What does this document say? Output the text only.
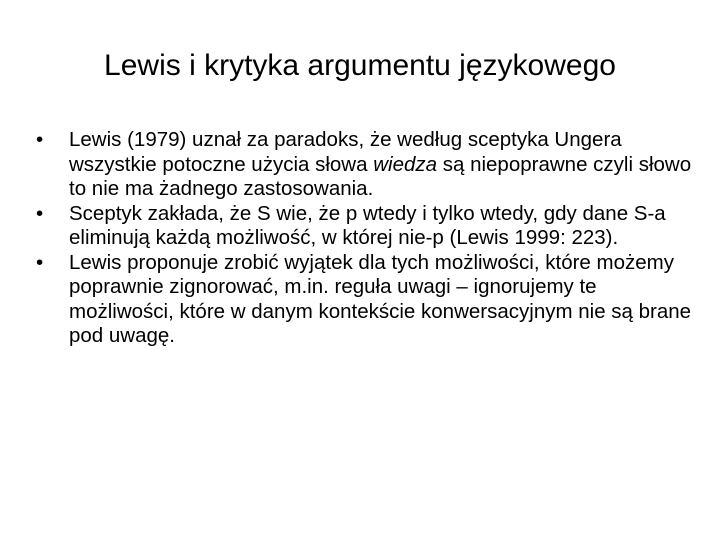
Lewis i krytyka argumentu językowego
•	Lewis (1979) uznał za paradoks, że według sceptyka Ungera wszystkie potoczne użycia słowa wiedza są niepoprawne czyli słowo to nie ma żadnego zastosowania.
•	Sceptyk zakłada, że S wie, że p wtedy i tylko wtedy, gdy dane S-a eliminują każdą możliwość, w której nie-p (Lewis 1999: 223).
•	Lewis proponuje zrobić wyjątek dla tych możliwości, które możemy poprawnie zignorować, m.in. reguła uwagi – ignorujemy te możliwości, które w danym kontekście konwersacyjnym nie są brane pod uwagę.
